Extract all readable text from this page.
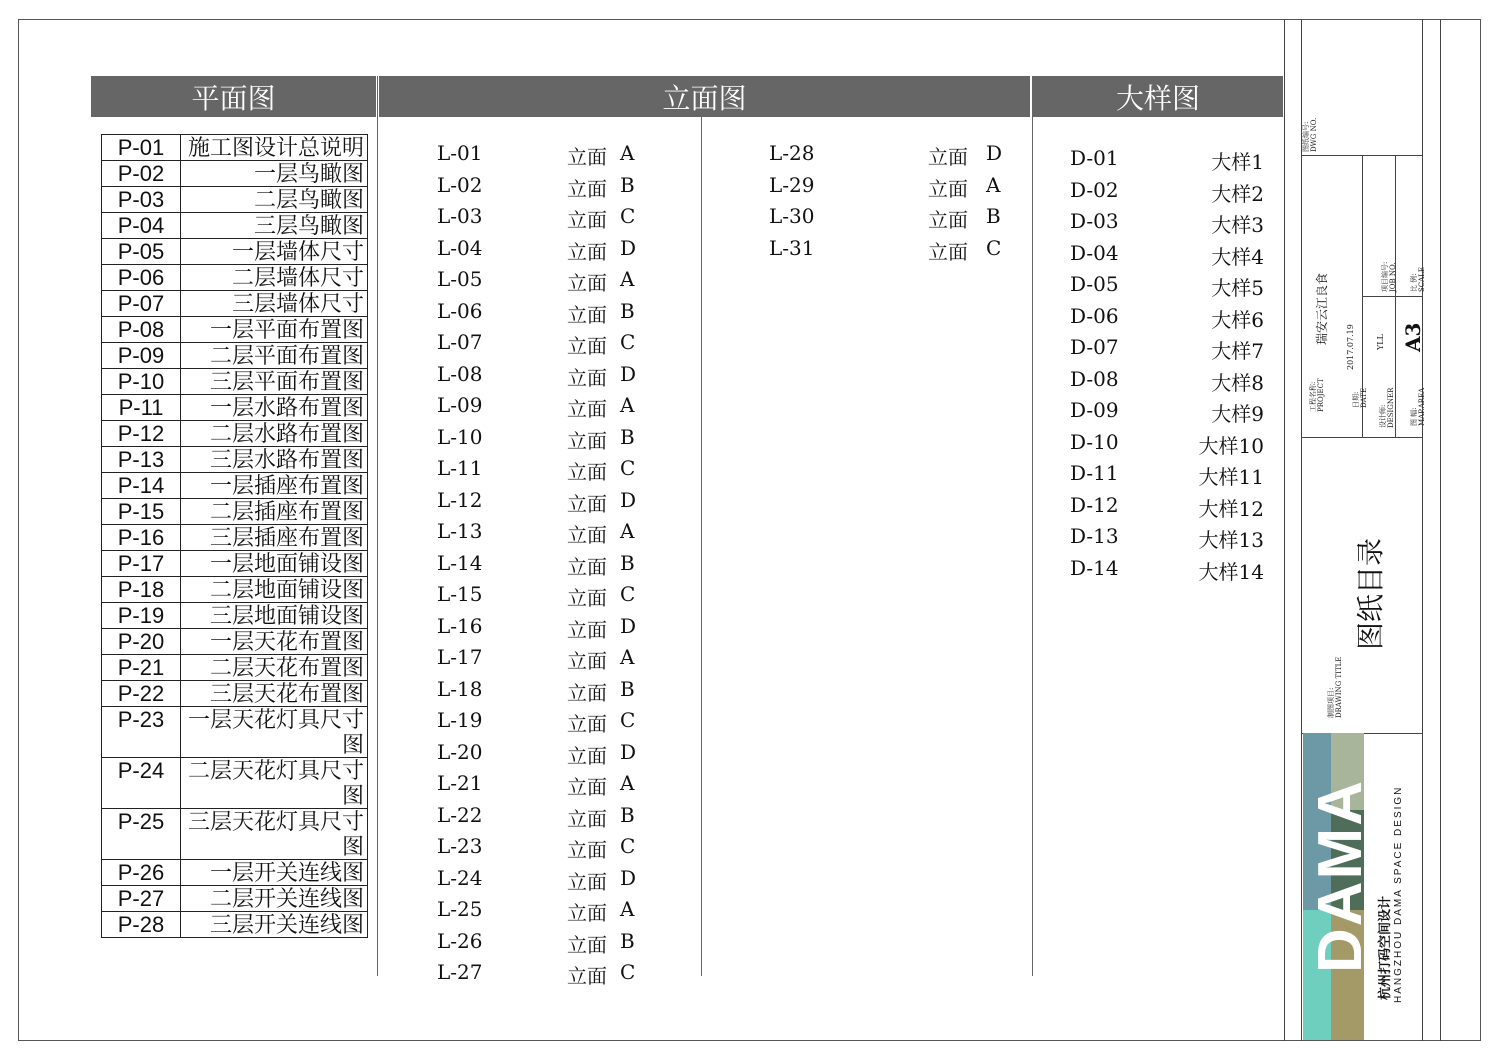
平面图	立面图	大样图
P-01	施工图设计总说明

P-02	一层鸟瞰图

P-03	二层鸟瞰图

P-04	三层鸟瞰图

P-05	一层墙体尺寸

P-06	二层墙体尺寸

P-07	三层墙体尺寸

P-08	一层平面布置图

P-09	二层平面布置图

P-10	三层平面布置图

P-11	一层水路布置图

P-12	二层水路布置图

P-13	三层水路布置图

P-14	一层插座布置图

P-15	二层插座布置图

P-16	三层插座布置图

P-17	一层地面铺设图

P-18	二层地面铺设图

P-19	三层地面铺设图

P-20	一层天花布置图

P-21	二层天花布置图

P-22	三层天花布置图

P-23	一层天花灯具尺寸
图

P-24	二层天花灯具尺寸
图

P-25	三层天花灯具尺寸
图

P-26	一层开关连线图

P-27	二层开关连线图

P-28	三层开关连线图
L-01	立面 A
L-02	立面 B
L-03	立面 C
L-04	立面 D
L-05	立面 A
L-06	立面 B
L-07	立面 C
L-08	立面 D
L-09	立面 A
L-10	立面 B
L-11	立面 C
L-12	立面 D
L-13	立面 A
L-14	立面 B
L-15	立面 C
L-16	立面 D
L-17	立面 A
L-18	立面 B
L-19	立面 C
L-20	立面 D
L-21	立面 A
L-22	立面 B
L-23	立面 C
L-24	立面 D
L-25	立面 A
L-26	立面 B
L-27	立面 C
L-28	立面 D
L-29	立面 A
L-30	立面 B
L-31	立面 C
D-01	大样1
D-02	大样2
D-03	大样3
D-04	大样4
D-05	大样5
D-06	大样6
D-07	大样7
D-08	大样8
D-09	大样9
D-10	大样10
D-11	大样11
D-12	大样12
D-13	大样13
D-14	大样14
图纸编号:
DWG NO.
工程名称:
PROJECT
瑞安云江良食
日期:
DATE
2017.07.19
设计师:
DESIGNER
YLL
项目编号:
JOB NO.
图 幅:
MAP.AREA
A3
比 例:
SCALE
制图项目:
DRAWING TITLE
图纸目录
DAMA 杭州打码空间设计 HANGZHOU DAMA SPACE DESIGN
